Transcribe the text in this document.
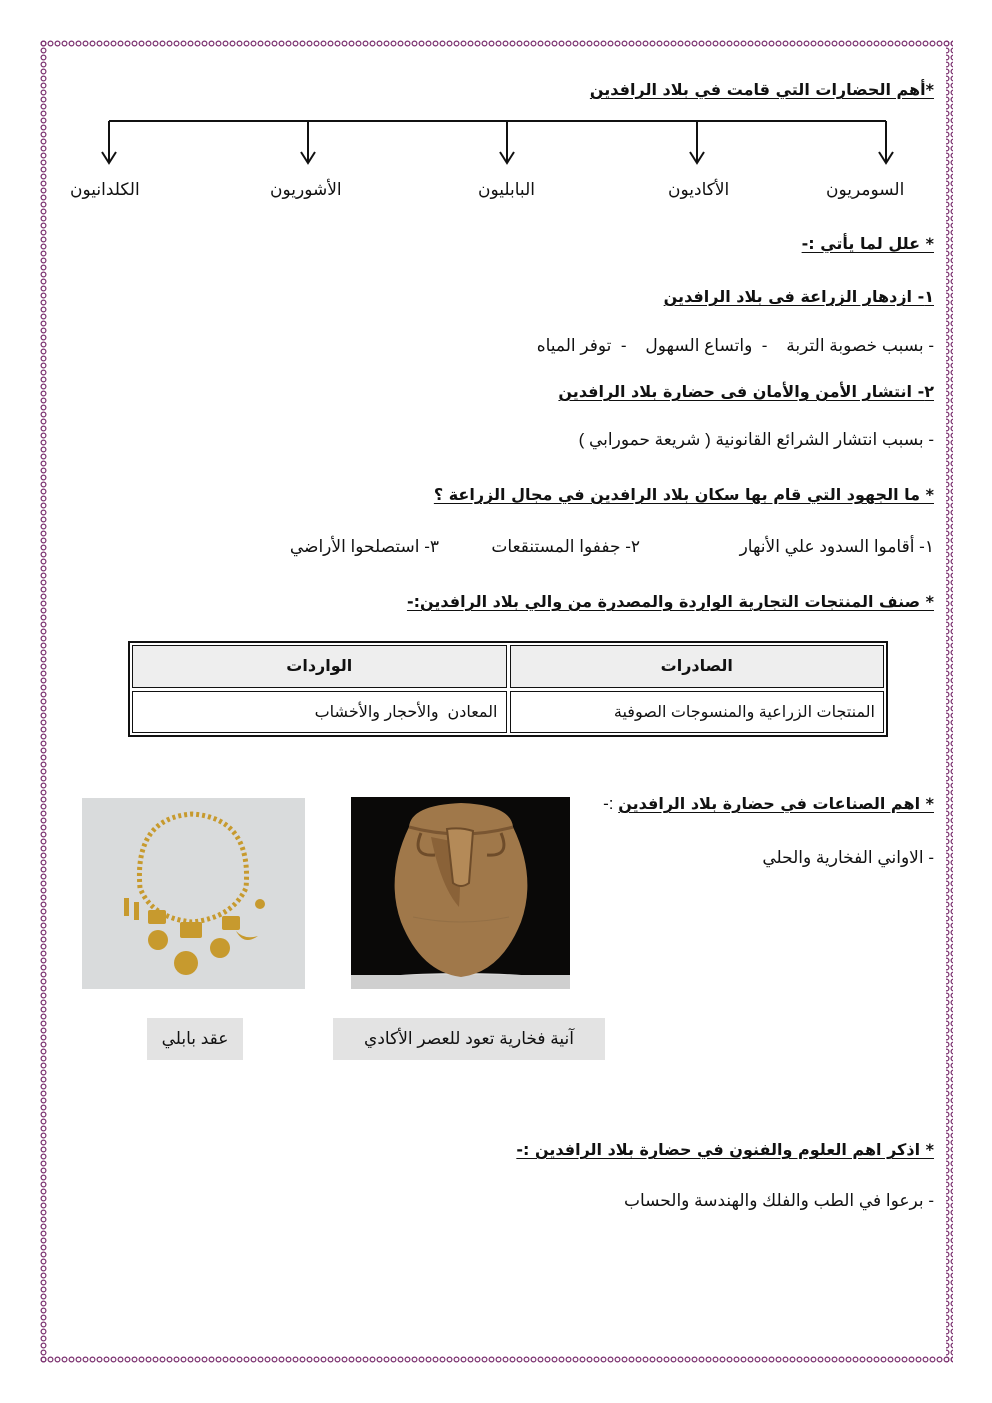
*أهم الحضارات التي قامت في بلاد الرافدين
السومريون
الأكاديون
البابليون
الأشوريون
الكلدانيون
* علل لما يأتي :-
١- ازدهار الزراعة فى بلاد الرافدين
- بسبب خصوبة التربة    -  واتساع السهول    -  توفر المياه
٢- انتشار الأمن والأمان فى حضارة بلاد الرافدين
- بسبب انتشار الشرائع القانونية ( شريعة حمورابي )
* ما الجهود التي قام بها سكان بلاد الرافدين في مجال الزراعة ؟
١- أقاموا السدود علي الأنهار
٢- جففوا المستنقعات
٣- استصلحوا الأراضي
* صنف المنتجات التجارية الواردة والمصدرة من والي بلاد الرافدين:-
الواردات	الصادرات
المعادن  والأحجار والأخشاب	المنتجات الزراعية والمنسوجات الصوفية
* اهم الصناعات في حضارة بلاد الرافدين :-
- الاواني الفخارية والحلي
آنية فخارية تعود للعصر الأكادي
عقد بابلي
* اذكر اهم العلوم والفنون في حضارة بلاد الرافدين :-
- برعوا في الطب والفلك والهندسة والحساب
